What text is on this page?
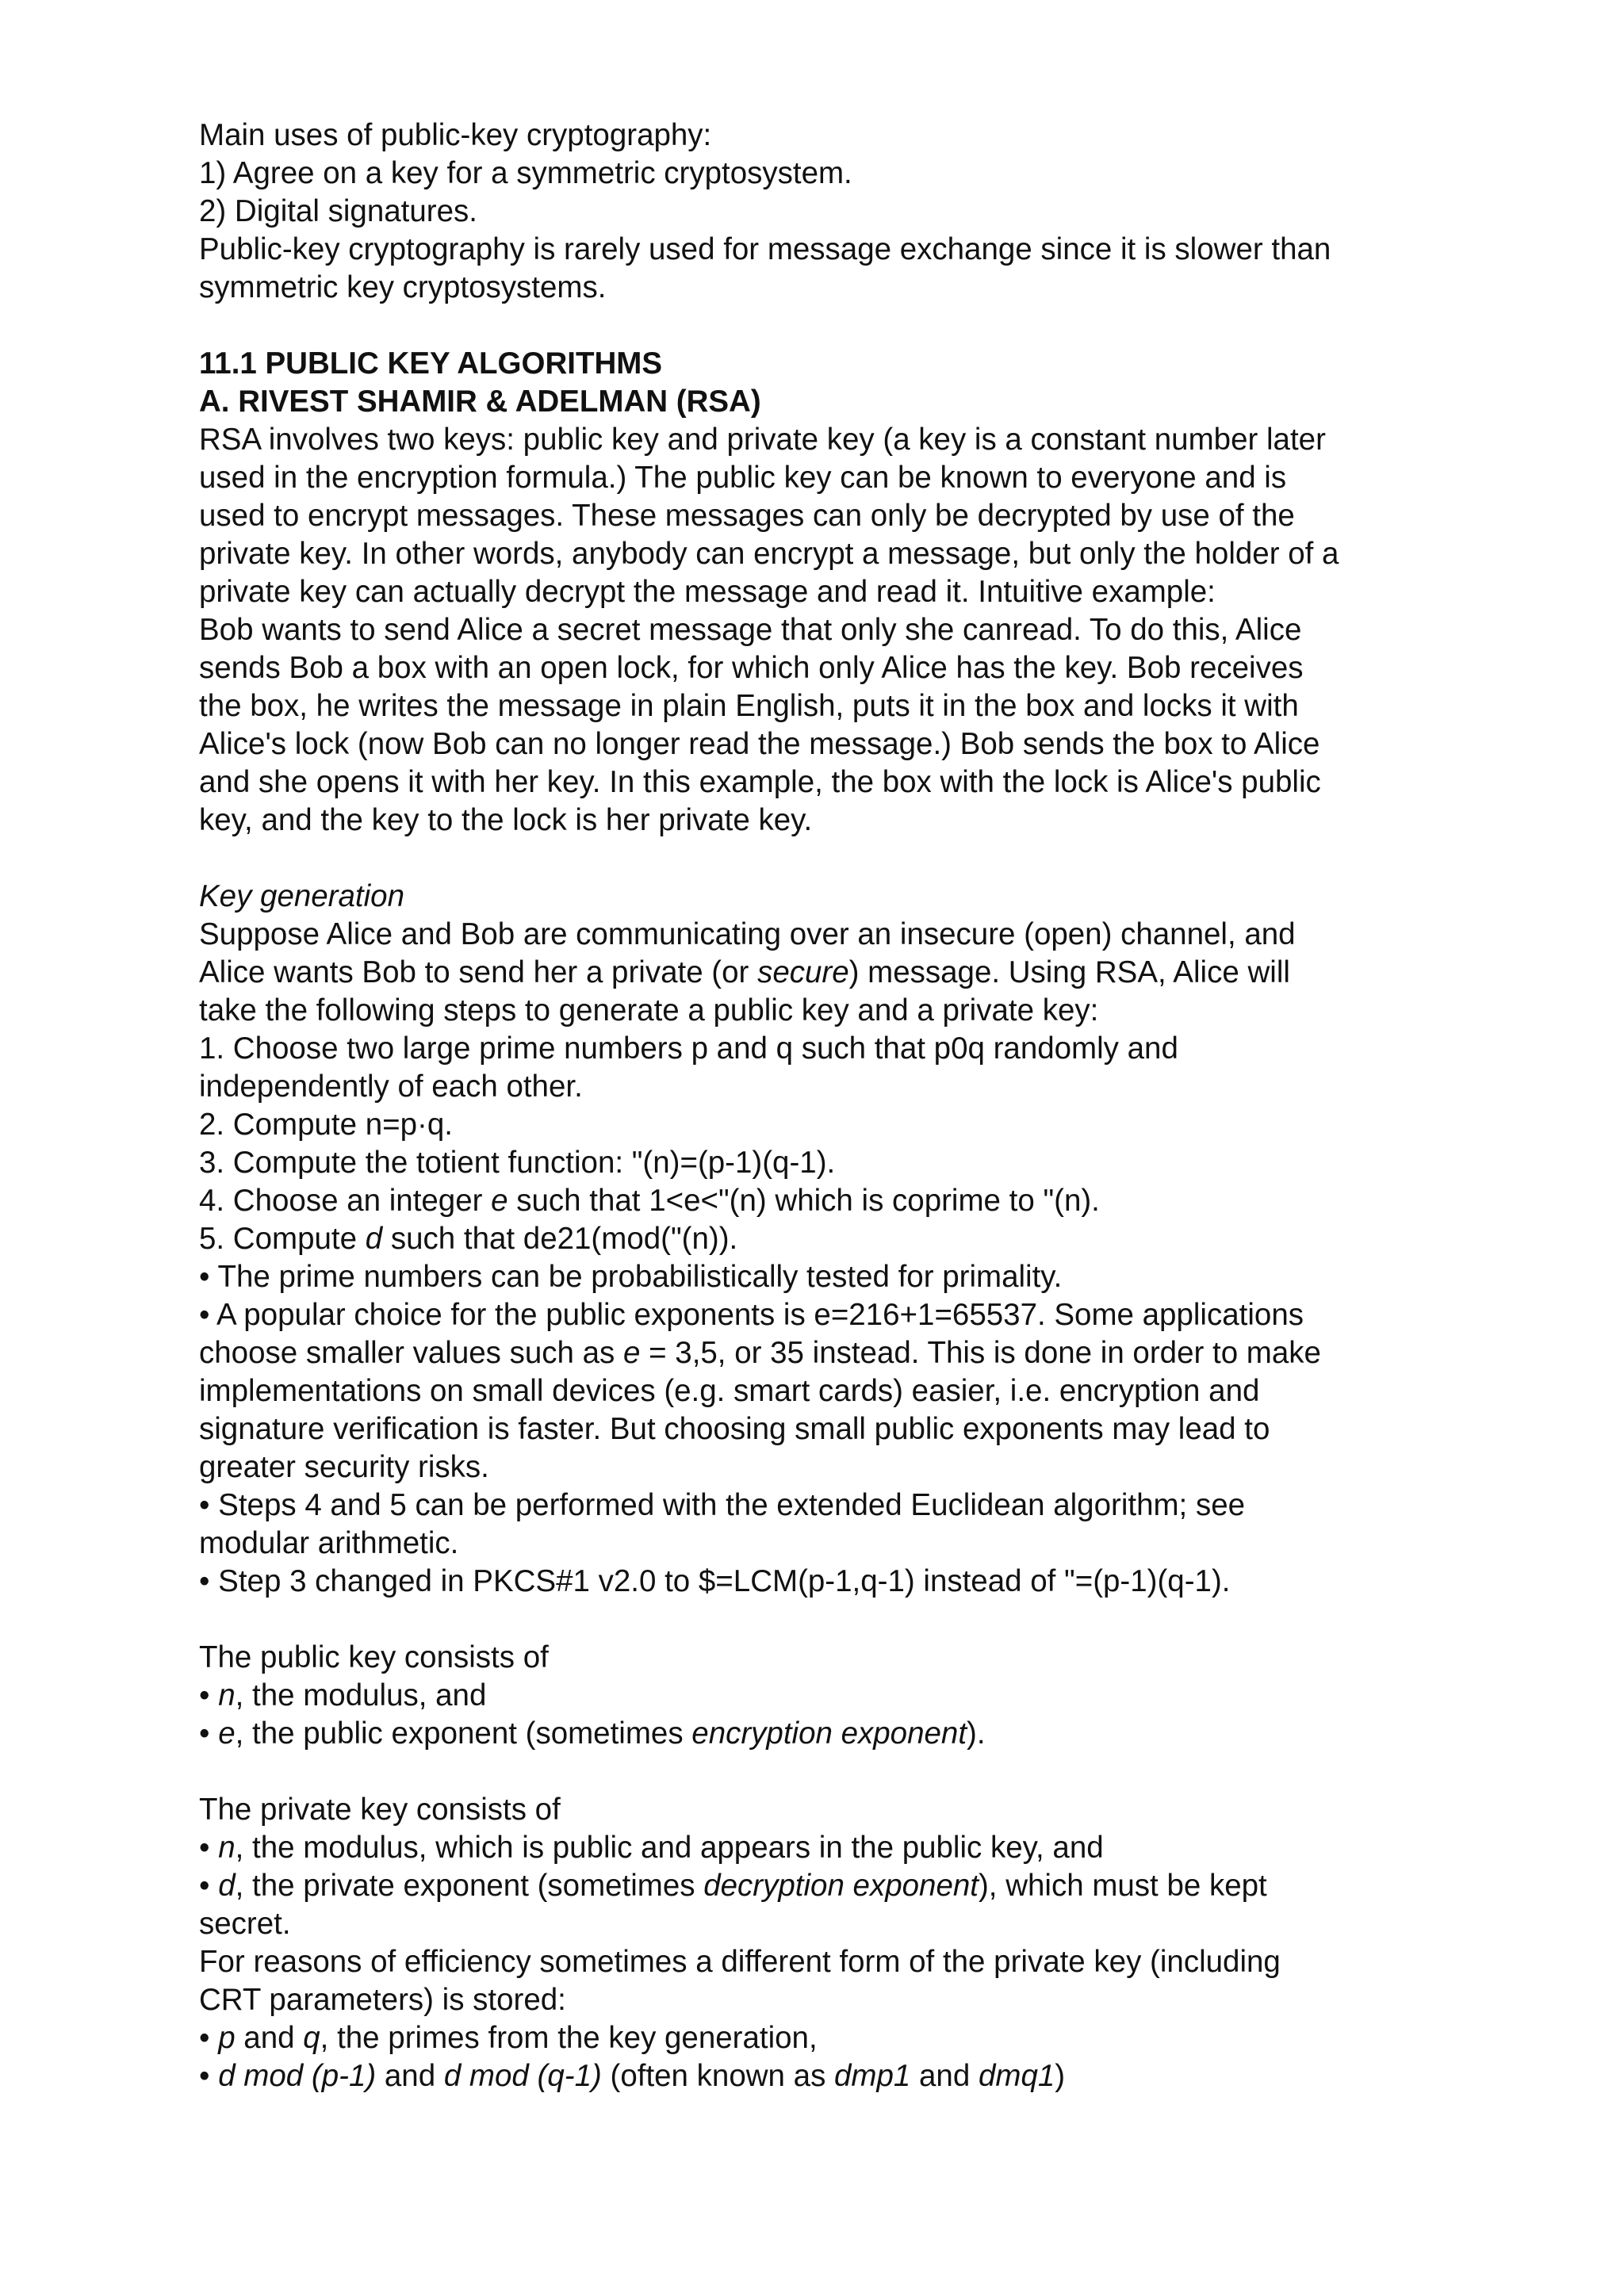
Main uses of public-key cryptography:
1) Agree on a key for a symmetric cryptosystem.
2) Digital signatures.
Public-key cryptography is rarely used for message exchange since it is slower than
symmetric key cryptosystems.
11.1 PUBLIC KEY ALGORITHMS
A. RIVEST SHAMIR & ADELMAN (RSA)
RSA involves two keys: public key and private key (a key is a constant number later
used in the encryption formula.) The public key can be known to everyone and is
used to encrypt messages. These messages can only be decrypted by use of the
private key. In other words, anybody can encrypt a message, but only the holder of a
private key can actually decrypt the message and read it. Intuitive example:
Bob wants to send Alice a secret message that only she canread. To do this, Alice
sends Bob a box with an open lock, for which only Alice has the key. Bob receives
the box, he writes the message in plain English, puts it in the box and locks it with
Alice's lock (now Bob can no longer read the message.) Bob sends the box to Alice
and she opens it with her key. In this example, the box with the lock is Alice's public
key, and the key to the lock is her private key.
Key generation
Suppose Alice and Bob are communicating over an insecure (open) channel, and
Alice wants Bob to send her a private (or secure) message. Using RSA, Alice will
take the following steps to generate a public key and a private key:
1. Choose two large prime numbers p and q such that p0q randomly and
independently of each other.
2. Compute n=p·q.
3. Compute the totient function: "(n)=(p-1)(q-1).
4. Choose an integer e such that 1<e<"(n) which is coprime to "(n).
5. Compute d such that de21(mod("(n)).
• The prime numbers can be probabilistically tested for primality.
• A popular choice for the public exponents is e=216+1=65537. Some applications
choose smaller values such as e = 3,5, or 35 instead. This is done in order to make
implementations on small devices (e.g. smart cards) easier, i.e. encryption and
signature verification is faster. But choosing small public exponents may lead to
greater security risks.
• Steps 4 and 5 can be performed with the extended Euclidean algorithm; see
modular arithmetic.
• Step 3 changed in PKCS#1 v2.0 to $=LCM(p-1,q-1) instead of "=(p-1)(q-1).
The public key consists of
• n, the modulus, and
• e, the public exponent (sometimes encryption exponent).
The private key consists of
• n, the modulus, which is public and appears in the public key, and
• d, the private exponent (sometimes decryption exponent), which must be kept
secret.
For reasons of efficiency sometimes a different form of the private key (including
CRT parameters) is stored:
• p and q, the primes from the key generation,
• d mod (p-1) and d mod (q-1) (often known as dmp1 and dmq1)
